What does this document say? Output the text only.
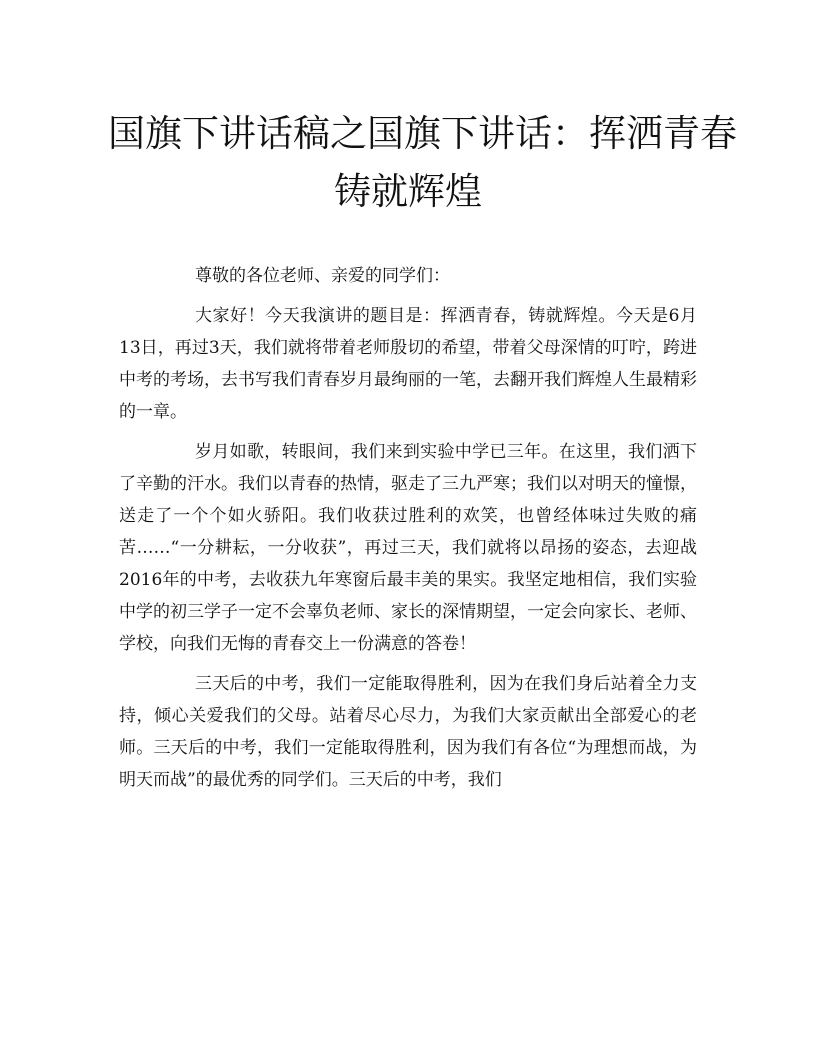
国旗下讲话稿之国旗下讲话：挥洒青春
铸就辉煌

尊敬的各位老师、亲爱的同学们：

大家好！今天我演讲的题目是：挥洒青春，铸就辉煌。今天是6月13日，再过3天，我们就将带着老师殷切的希望，带着父母深情的叮咛，跨进中考的考场，去书写我们青春岁月最绚丽的一笔，去翻开我们辉煌人生最精彩的一章。

岁月如歌，转眼间，我们来到实验中学已三年。在这里，我们洒下了辛勤的汗水。我们以青春的热情，驱走了三九严寒；我们以对明天的憧憬，送走了一个个如火骄阳。我们收获过胜利的欢笑，也曾经体味过失败的痛苦……“一分耕耘，一分收获”，再过三天，我们就将以昂扬的姿态，去迎战2016年的中考，去收获九年寒窗后最丰美的果实。我坚定地相信，我们实验中学的初三学子一定不会辜负老师、家长的深情期望，一定会向家长、老师、学校，向我们无悔的青春交上一份满意的答卷！

三天后的中考，我们一定能取得胜利，因为在我们身后站着全力支持，倾心关爱我们的父母。站着尽心尽力，为我们大家贡献出全部爱心的老师。三天后的中考，我们一定能取得胜利，因为我们有各位“为理想而战，为明天而战”的最优秀的同学们。三天后的中考，我们
